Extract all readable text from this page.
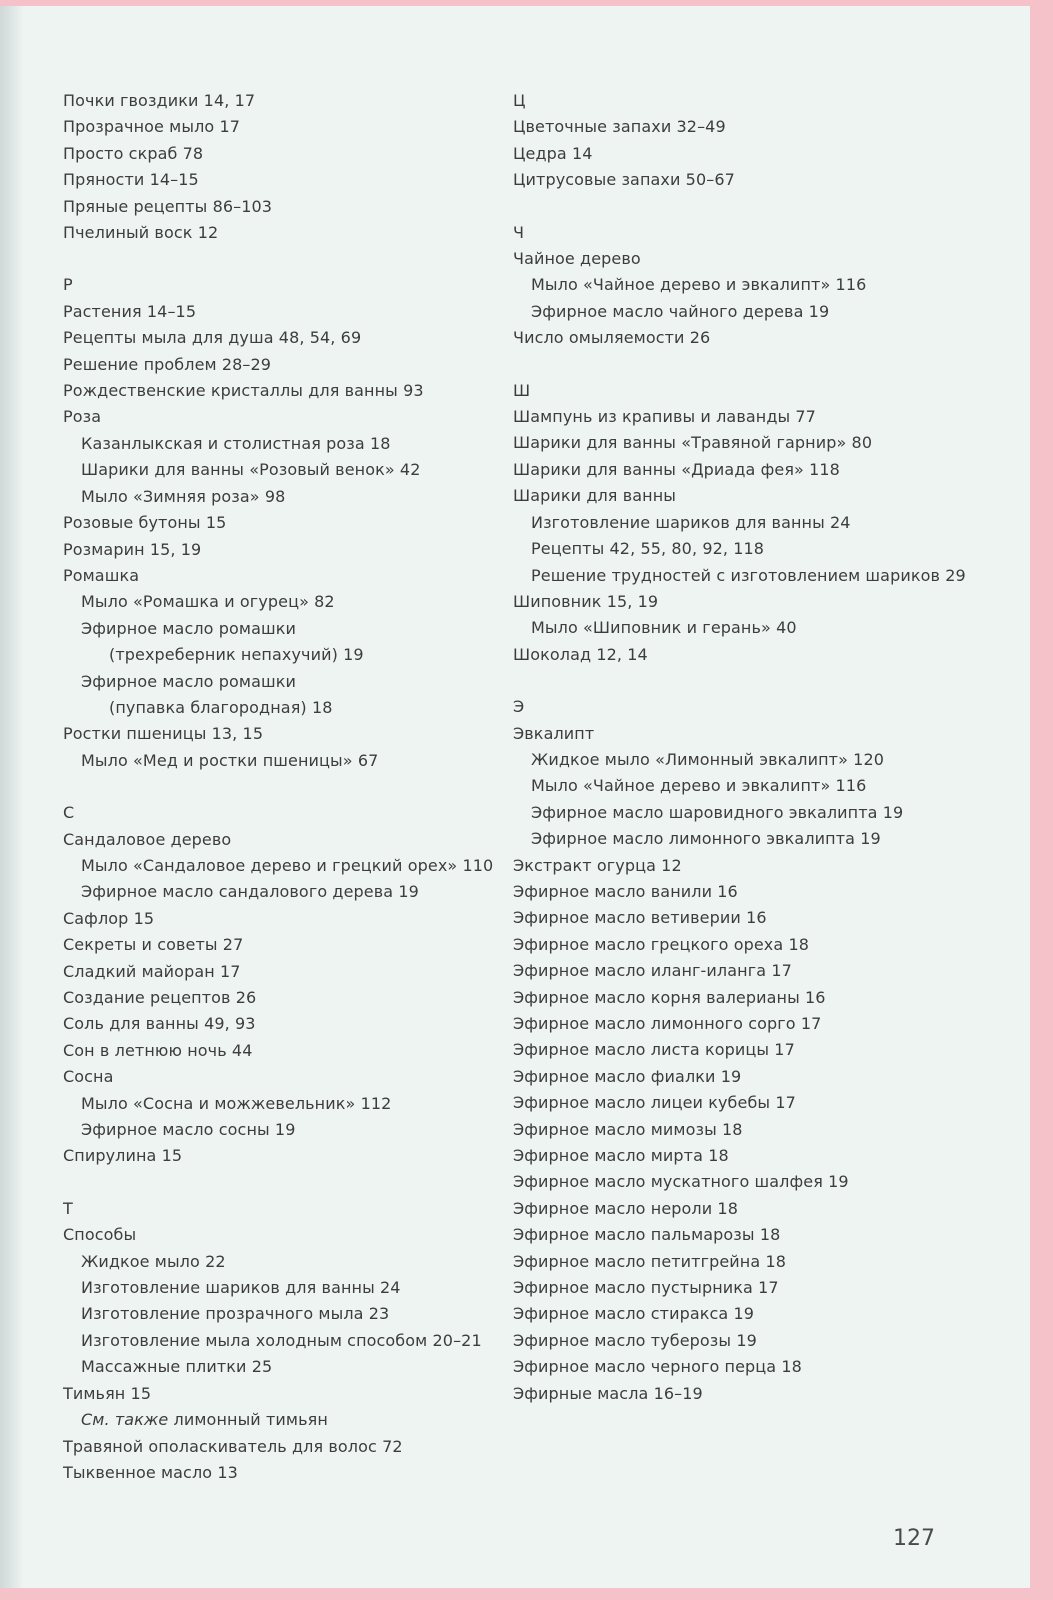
Почки гвоздики 14, 17
Прозрачное мыло 17
Просто скраб 78
Пряности 14–15
Пряные рецепты 86–103
Пчелиный воск 12
Р
Растения 14–15
Рецепты мыла для душа 48, 54, 69
Решение проблем 28–29
Рождественские кристаллы для ванны 93
Роза
Казанлыкская и столистная роза 18
Шарики для ванны «Розовый венок» 42
Мыло «Зимняя роза» 98
Розовые бутоны 15
Розмарин 15, 19
Ромашка
Мыло «Ромашка и огурец» 82
Эфирное масло ромашки
(трехреберник непахучий) 19
Эфирное масло ромашки
(пупавка благородная) 18
Ростки пшеницы 13, 15
Мыло «Мед и ростки пшеницы» 67
С
Сандаловое дерево
Мыло «Сандаловое дерево и грецкий орех» 110
Эфирное масло сандалового дерева 19
Сафлор 15
Секреты и советы 27
Сладкий майоран 17
Создание рецептов 26
Соль для ванны 49, 93
Сон в летнюю ночь 44
Сосна
Мыло «Сосна и можжевельник» 112
Эфирное масло сосны 19
Спирулина 15
Т
Способы
Жидкое мыло 22
Изготовление шариков для ванны 24
Изготовление прозрачного мыла 23
Изготовление мыла холодным способом 20–21
Массажные плитки 25
Тимьян 15
См. также лимонный тимьян
Травяной ополаскиватель для волос 72
Тыквенное масло 13
Ц
Цветочные запахи 32–49
Цедра 14
Цитрусовые запахи 50–67
Ч
Чайное дерево
Мыло «Чайное дерево и эвкалипт» 116
Эфирное масло чайного дерева 19
Число омыляемости 26
Ш
Шампунь из крапивы и лаванды 77
Шарики для ванны «Травяной гарнир» 80
Шарики для ванны «Дриада фея» 118
Шарики для ванны
Изготовление шариков для ванны 24
Рецепты 42, 55, 80, 92, 118
Решение трудностей с изготовлением шариков 29
Шиповник 15, 19
Мыло «Шиповник и герань» 40
Шоколад 12, 14
Э
Эвкалипт
Жидкое мыло «Лимонный эвкалипт» 120
Мыло «Чайное дерево и эвкалипт» 116
Эфирное масло шаровидного эвкалипта 19
Эфирное масло лимонного эвкалипта 19
Экстракт огурца 12
Эфирное масло ванили 16
Эфирное масло ветиверии 16
Эфирное масло грецкого ореха 18
Эфирное масло иланг-иланга 17
Эфирное масло корня валерианы 16
Эфирное масло лимонного сорго 17
Эфирное масло листа корицы 17
Эфирное масло фиалки 19
Эфирное масло лицеи кубебы 17
Эфирное масло мимозы 18
Эфирное масло мирта 18
Эфирное масло мускатного шалфея 19
Эфирное масло нероли 18
Эфирное масло пальмарозы 18
Эфирное масло петитгрейна 18
Эфирное масло пустырника 17
Эфирное масло стиракса 19
Эфирное масло туберозы 19
Эфирное масло черного перца 18
Эфирные масла 16–19
127
